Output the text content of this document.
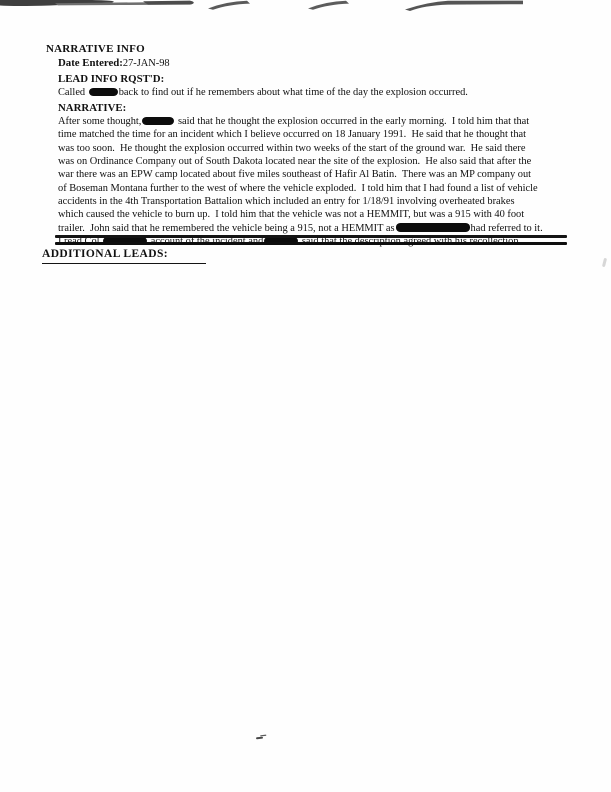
NARRATIVE INFO
Date Entered:27-JAN-98
LEAD INFO RQST'D:
Called	back to find out if he remembers about what time of the day the explosion occurred.
NARRATIVE:
After some thought,	said that he thought the explosion occurred in the early morning.  I told him that that
time matched the time for an incident which I believe occurred on 18 January 1991.  He said that he thought that
was too soon.  He thought the explosion occurred within two weeks of the start of the ground war.  He said there
was on Ordinance Company out of South Dakota located near the site of the explosion.  He also said that after the
war there was an EPW camp located about five miles southeast of Hafir Al Batin.  There was an MP company out
of Boseman Montana further to the west of where the vehicle exploded.  I told him that I had found a list of vehicle
accidents in the 4th Transportation Battalion which included an entry for 1/18/91 involving overheated brakes
which caused the vehicle to burn up.  I told him that the vehicle was not a HEMMIT, but was a 915 with 40 foot
trailer.  John said that he remembered the vehicle being a 915, not a HEMMIT as	had referred to it.
ADDITIONAL LEADS:
